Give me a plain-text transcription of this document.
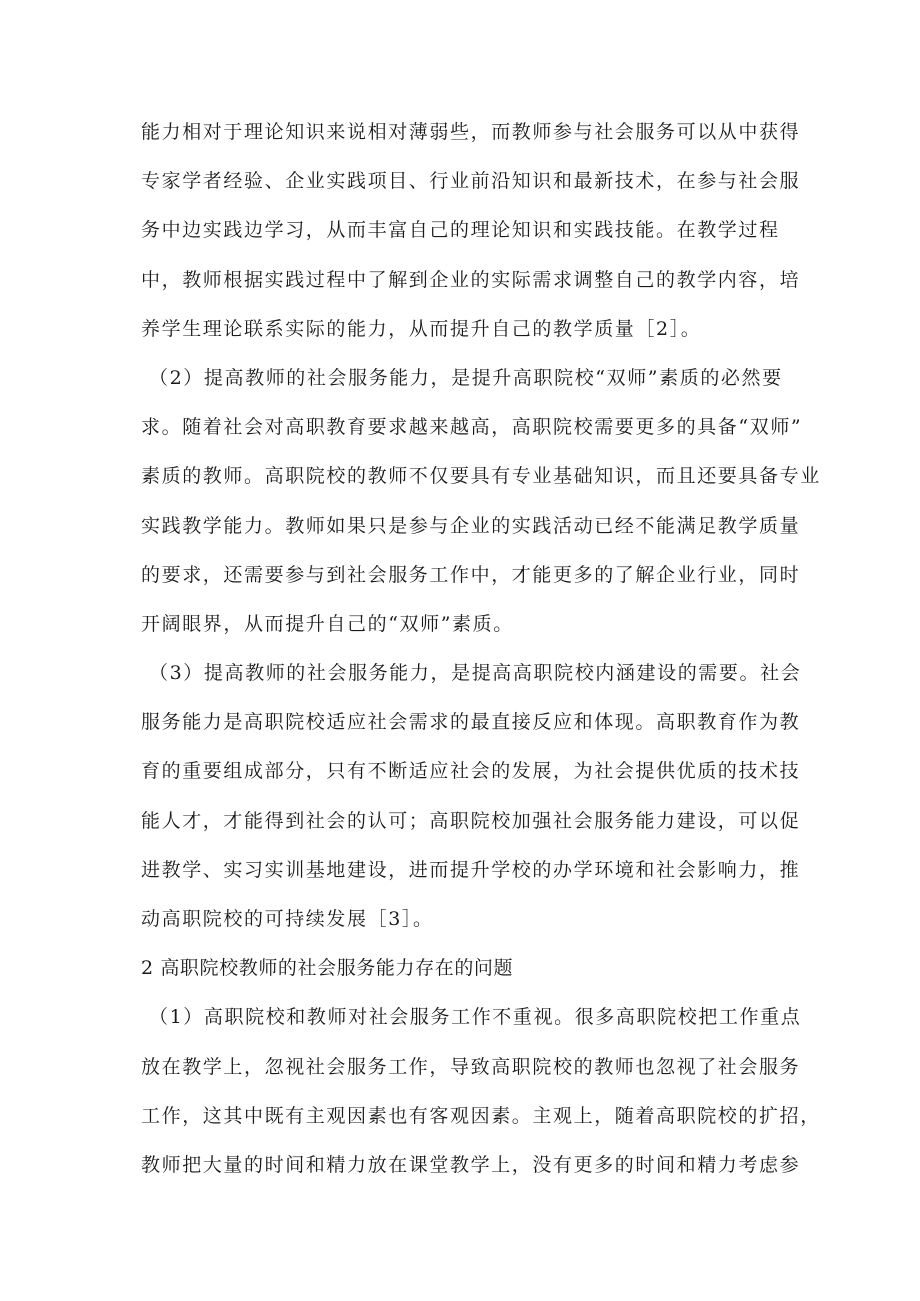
能力相对于理论知识来说相对薄弱些，而教师参与社会服务可以从中获得
专家学者经验、企业实践项目、行业前沿知识和最新技术，在参与社会服
务中边实践边学习，从而丰富自己的理论知识和实践技能。在教学过程
中，教师根据实践过程中了解到企业的实际需求调整自己的教学内容，培
养学生理论联系实际的能力，从而提升自己的教学质量［2］。
（2）提高教师的社会服务能力，是提升高职院校“双师”素质的必然要
求。随着社会对高职教育要求越来越高，高职院校需要更多的具备“双师”
素质的教师。高职院校的教师不仅要具有专业基础知识，而且还要具备专业
实践教学能力。教师如果只是参与企业的实践活动已经不能满足教学质量
的要求，还需要参与到社会服务工作中，才能更多的了解企业行业，同时
开阔眼界，从而提升自己的“双师”素质。
（3）提高教师的社会服务能力，是提高高职院校内涵建设的需要。社会
服务能力是高职院校适应社会需求的最直接反应和体现。高职教育作为教
育的重要组成部分，只有不断适应社会的发展，为社会提供优质的技术技
能人才，才能得到社会的认可；高职院校加强社会服务能力建设，可以促
进教学、实习实训基地建设，进而提升学校的办学环境和社会影响力，推
动高职院校的可持续发展［3］。
2 高职院校教师的社会服务能力存在的问题
（1）高职院校和教师对社会服务工作不重视。很多高职院校把工作重点
放在教学上，忽视社会服务工作，导致高职院校的教师也忽视了社会服务
工作，这其中既有主观因素也有客观因素。主观上，随着高职院校的扩招，
教师把大量的时间和精力放在课堂教学上，没有更多的时间和精力考虑参
